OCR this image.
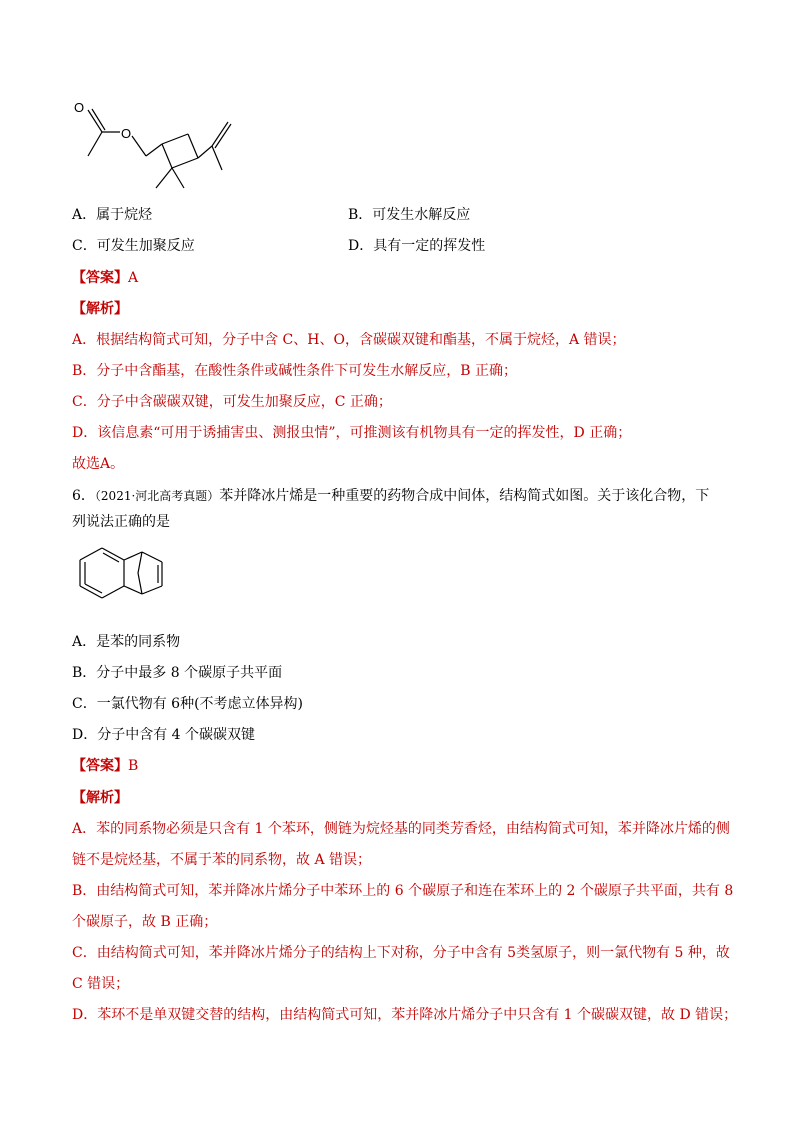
O
O
A．属于烷烃	B．可发生水解反应
C．可发生加聚反应	D．具有一定的挥发性
【答案】A
【解析】
A．根据结构简式可知，分子中含 C、H、O，含碳碳双键和酯基，不属于烷烃，A 错误；
B．分子中含酯基，在酸性条件或碱性条件下可发生水解反应，B 正确；
C．分子中含碳碳双键，可发生加聚反应，C 正确；
D．该信息素“可用于诱捕害虫、测报虫情”，可推测该有机物具有一定的挥发性，D 正确；
故选A。
6．（2021·河北高考真题）苯并降冰片烯是一种重要的药物合成中间体，结构简式如图。关于该化合物，下
列说法正确的是
A．是苯的同系物
B．分子中最多 8 个碳原子共平面
C．一氯代物有 6种(不考虑立体异构)
D．分子中含有 4 个碳碳双键
【答案】B
【解析】
A．苯的同系物必须是只含有 1 个苯环，侧链为烷烃基的同类芳香烃，由结构简式可知，苯并降冰片烯的侧
链不是烷烃基，不属于苯的同系物，故 A 错误；
B．由结构简式可知，苯并降冰片烯分子中苯环上的 6 个碳原子和连在苯环上的 2 个碳原子共平面，共有 8
个碳原子，故 B 正确；
C．由结构简式可知，苯并降冰片烯分子的结构上下对称，分子中含有 5类氢原子，则一氯代物有 5 种，故
C 错误；
D．苯环不是单双键交替的结构，由结构简式可知，苯并降冰片烯分子中只含有 1 个碳碳双键，故 D 错误；
